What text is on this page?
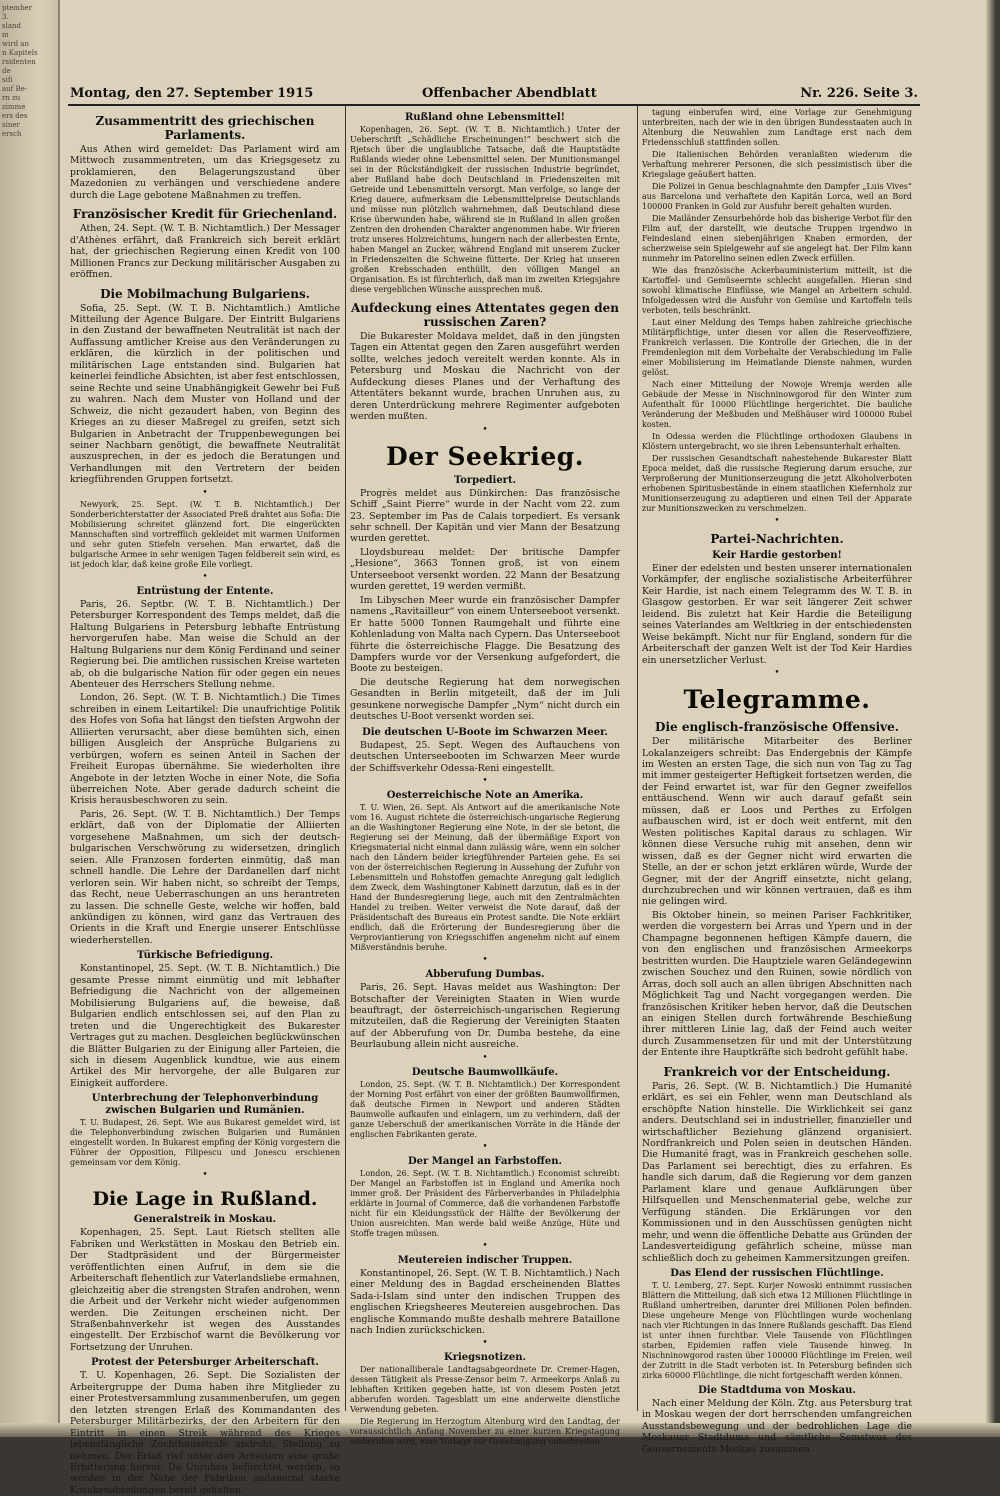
ptember
3.
sland
m
wird an
n Kapitels
rsidenten
de
sifi
auf Be-
rn zu
zimme
ers des
siner
ersch
Montag, den 27. September 1915	Offenbacher Abendblatt	Nr. 226. Seite 3.
Zusammentritt des griechischen Parlaments.

Aus Athen wird gemeldet: Das Parlament wird am Mittwoch zusammentreten, um das Kriegsgesetz zu proklamieren, den Belagerungszustand über Mazedonien zu verhängen und verschiedene andere durch die Lage gebotene Maßnahmen zu treffen.

Französischer Kredit für Griechenland.

Athen, 24. Sept. (W. T. B. Nichtamtlich.) Der Messager d'Athènes erfährt, daß Frankreich sich bereit erklärt hat, der griechischen Regierung einen Kredit von 100 Millionen Francs zur Deckung militärischer Ausgaben zu eröffnen.

Die Mobilmachung Bulgariens.

Sofia, 25. Sept. (W. T. B. Nichtamtlich.) Amtliche Mitteilung der Agence Bulgare. Der Eintritt Bulgariens in den Zustand der bewaffneten Neutralität ist nach der Auffassung amtlicher Kreise aus den Veränderungen zu erklären, die kürzlich in der politischen und militärischen Lage entstanden sind. Bulgarien hat keinerlei feindliche Absichten, ist aber fest entschlossen, seine Rechte und seine Unabhängigkeit Gewehr bei Fuß zu wahren. Nach dem Muster von Holland und der Schweiz, die nicht gezaudert haben, von Beginn des Krieges an zu dieser Maßregel zu greifen, setzt sich Bulgarien in Anbetracht der Truppenbewegungen bei seiner Nachbarn genötigt, die bewaffnete Neutralität auszusprechen, in der es jedoch die Beratungen und Verhandlungen mit den Vertretern der beiden kriegführenden Gruppen fortsetzt.

•

Newyork, 25. Sept. (W. T. B. Nichtamtlich.) Der Sonderberichterstatter der Associated Preß drahtet aus Sofia: Die Mobilisierung schreitet glänzend fort. Die eingerückten Mannschaften sind vortrefflich gekleidet mit warmen Uniformen und sehr guten Stiefeln versehen. Man erwartet, daß die bulgarische Armee in sehr wenigen Tagen feldbereit sein wird, es ist jedoch klar, daß keine große Eile vorliegt.

•
Entrüstung der Entente.

Paris, 26. Septbr. (W. T. B. Nichtamtlich.) Der Petersburger Korrespondent des Temps meldet, daß die Haltung Bulgariens in Petersburg lebhafte Entrüstung hervorgerufen habe. Man weise die Schuld an der Haltung Bulgariens nur dem König Ferdinand und seiner Regierung bei. Die amtlichen russischen Kreise warteten ab, ob die bulgarische Nation für oder gegen ein neues Abenteuer des Herrschers Stellung nehme.

London, 26. Sept. (W. T. B. Nichtamtlich.) Die Times schreiben in einem Leitartikel: Die unaufrichtige Politik des Hofes von Sofia hat längst den tiefsten Argwohn der Alliierten verursacht, aber diese bemühten sich, einen billigen Ausgleich der Ansprüche Bulgariens zu verbürgen, wofern es seinen Anteil in Sachen der Freiheit Europas übernähme. Sie wiederholten ihre Angebote in der letzten Woche in einer Note, die Sofia überreichen Note. Aber gerade dadurch scheint die Krisis herausbeschworen zu sein.

Paris, 26. Sept. (W. T. B. Nichtamtlich.) Der Temps erklärt, daß von der Diplomatie der Alliierten vorgesehene Maßnahmen, um sich der deutsch-bulgarischen Verschwörung zu widersetzen, dringlich seien. Alle Franzosen forderten einmütig, daß man schnell handle. Die Lehre der Dardanellen darf nicht verloren sein. Wir haben nicht, so schreibt der Temps, das Recht, neue Ueberraschungen an uns herantreten zu lassen. Die schnelle Geste, welche wir hoffen, bald ankündigen zu können, wird ganz das Vertrauen des Orients in die Kraft und Energie unserer Entschlüsse wiederherstellen.

Türkische Befriedigung.

Konstantinopel, 25. Sept. (W. T. B. Nichtamtlich.) Die gesamte Presse nimmt einmütig und mit lebhafter Befriedigung die Nachricht von der allgemeinen Mobilisierung Bulgariens auf, die beweise, daß Bulgarien endlich entschlossen sei, auf den Plan zu treten und die Ungerechtigkeit des Bukarester Vertrages gut zu machen. Desgleichen beglückwünschen die Blätter Bulgarien zu der Einigung aller Parteien, die sich in diesem Augenblick kundtue, wie aus einem Artikel des Mir hervorgehe, der alle Bulgaren zur Einigkeit auffordere.

Unterbrechung der Telephonverbindung zwischen Bulgarien und Rumänien.

T. U. Budapest, 26. Sept. Wie aus Bukarest gemeldet wird, ist die Telephonverbindung zwischen Bulgarien und Rumänien eingestellt worden. In Bukarest empfing der König vorgestern die Führer der Opposition, Filipescu und Jonescu erschienen gemeinsam vor dem König.

•
Die Lage in Rußland.
Generalstreik in Moskau.

Kopenhagen, 25. Sept. Laut Rietsch stellten alle Fabriken und Werkstätten in Moskau den Betrieb ein. Der Stadtpräsident und der Bürgermeister veröffentlichten einen Aufruf, in dem sie die Arbeiterschaft flehentlich zur Vaterlandsliebe ermahnen, gleichzeitig aber die strengsten Strafen androhen, wenn die Arbeit und der Verkehr nicht wieder aufgenommen werden. Die Zeitungen erscheinen nicht. Der Straßenbahnverkehr ist wegen des Ausstandes eingestellt. Der Erzbischof warnt die Bevölkerung vor Fortsetzung der Unruhen.

Protest der Petersburger Arbeiterschaft.

T. U. Kopenhagen, 26. Sept. Die Sozialisten der Arbeitergruppe der Duma haben ihre Mitglieder zu einer Protestversammlung zusammenberufen, um gegen den letzten strengen Erlaß des Kommandanten des Petersburger Militärbezirks, der den Arbeitern für den Eintritt in einen Streik während des Krieges lebenslängliche Zuchthausstrafe androht, Stellung zu nehmen. Der Erlaß rief unter den Arbeitern eine große Erbitterung hervor. Da Unruhen befürchtet werden, so werden in der Nähe der Fabriken andauernd starke Kosakenabteilungen bereit gehalten.

Rußland ohne Lebensmittel!

Kopenhagen, 26. Sept. (W. T. B. Nichtamtlich.) Unter der Ueberschrift „Schädliche Erscheinungen!“ beschwert sich die Rjetsch über die unglaubliche Tatsache, daß die Hauptstädte Rußlands wieder ohne Lebensmittel seien. Der Munitionsmangel sei in der Rückständigkeit der russischen Industrie begründet, aber Rußland habe doch Deutschland in Friedenszeiten mit Getreide und Lebensmitteln versorgt. Man verfolge, so lange der Krieg dauere, aufmerksam die Lebensmittelpreise Deutschlands und müsse nun plötzlich wahrnehmen, daß Deutschland diese Krise überwunden habe, während sie in Rußland in allen großen Zentren den drohenden Charakter angenommen habe. Wir frieren trotz unseres Holzreichtums, hungern nach der allerbesten Ernte, haben Mangel an Zucker, während England mit unserem Zucker in Friedenszeiten die Schweine fütterte. Der Krieg hat unseren großen Krebsschaden enthüllt, den völligen Mangel an Organisation. Es ist fürchterlich, daß man im zweiten Kriegsjahre diese vergeblichen Wünsche aussprechen muß.

Aufdeckung eines Attentates gegen den russischen Zaren?

Die Bukarester Moldava meldet, daß in den jüngsten Tagen ein Attentat gegen den Zaren ausgeführt werden sollte, welches jedoch vereitelt werden konnte. Als in Petersburg und Moskau die Nachricht von der Aufdeckung dieses Planes und der Verhaftung des Attentäters bekannt wurde, brachen Unruhen aus, zu deren Unterdrückung mehrere Regimenter aufgeboten werden mußten.

•
Der Seekrieg.
Torpediert.

Progrès meldet aus Dünkirchen: Das französische Schiff „Saint Pierre“ wurde in der Nacht vom 22. zum 23. September im Pas de Calais torpediert. Es versank sehr schnell. Der Kapitän und vier Mann der Besatzung wurden gerettet.

Lloydsbureau meldet: Der britische Dampfer „Hesione“, 3663 Tonnen groß, ist von einem Unterseeboot versenkt worden. 22 Mann der Besatzung wurden gerettet, 19 werden vermißt.

Im Libyschen Meer wurde ein französischer Dampfer namens „Ravitailleur“ von einem Unterseeboot versenkt. Er hatte 5000 Tonnen Raumgehalt und führte eine Kohlenladung von Malta nach Cypern. Das Unterseeboot führte die österreichische Flagge. Die Besatzung des Dampfers wurde vor der Versenkung aufgefordert, die Boote zu besteigen.

Die deutsche Regierung hat dem norwegischen Gesandten in Berlin mitgeteilt, daß der im Juli gesunkene norwegische Dampfer „Nym“ nicht durch ein deutsches U-Boot versenkt worden sei.

Die deutschen U-Boote im Schwarzen Meer.

Budapest, 25. Sept. Wegen des Auftauchens von deutschen Unterseebooten im Schwarzen Meer wurde der Schiffsverkehr Odessa-Reni eingestellt.

•
Oesterreichische Note an Amerika.

T. U. Wien, 26. Sept. Als Antwort auf die amerikanische Note vom 16. August richtete die österreichisch-ungarische Regierung an die Washingtoner Regierung eine Note, in der sie betont, die Regierung sei der Meinung, daß der übermäßige Export von Kriegsmaterial nicht einmal dann zulässig wäre, wenn ein solcher nach den Ländern beider kriegführender Parteien gehe. Es sei von der österreichischen Regierung in Aussehung der Zufuhr von Lebensmitteln und Rohstoffen gemachte Anregung galt lediglich dem Zweck, dem Washingtoner Kabinett darzutun, daß es in der Hand der Bundesregierung liege, auch mit den Zentralmächten Handel zu treiben. Weiter verweist die Note darauf, daß der Präsidentschaft des Bureaus ein Protest sandte. Die Note erklärt endlich, daß die Erörterung der Bundesregierung über die Verproviantierung von Kriegsschiffen angenehm nicht auf einem Mißverständnis beruhe.

•
Abberufung Dumbas.

Paris, 26. Sept. Havas meldet aus Washington: Der Botschafter der Vereinigten Staaten in Wien wurde beauftragt, der österreichisch-ungarischen Regierung mitzuteilen, daß die Regierung der Vereinigten Staaten auf der Abberufung von Dr. Dumba bestehe, da eine Beurlaubung allein nicht ausreiche.

•
Deutsche Baumwollkäufe.

London, 25. Sept. (W. T. B. Nichtamtlich.) Der Korrespondent der Morning Post erfährt von einer der größten Baumwollfirmen, daß deutsche Firmen in Newport und anderen Städten Baumwolle aufkaufen und einlagern, um zu verhindern, daß der ganze Ueberschuß der amerikanischen Vorräte in die Hände der englischen Fabrikanten gerate.

•
Der Mangel an Farbstoffen.

London, 26. Sept. (W. T. B. Nichtamtlich.) Economist schreibt: Der Mangel an Farbstoffen ist in England und Amerika noch immer groß. Der Präsident des Färberverbandes in Philadelphia erklärte in Journal of Commerce, daß die vorhandenen Farbstoffe nicht für ein Kleidungsstück der Hälfte der Bevölkerung der Union ausreichten. Man werde bald weiße Anzüge, Hüte und Stoffe tragen müssen.

•
Meutereien indischer Truppen.

Konstantinopel, 26. Sept. (W. T. B. Nichtamtlich.) Nach einer Meldung des in Bagdad erscheinenden Blattes Sada-i-Islam sind unter den indischen Truppen des englischen Kriegsheeres Meutereien ausgebrochen. Das englische Kommando mußte deshalb mehrere Bataillone nach Indien zurückschicken.

•
Kriegsnotizen.

Der nationalliberale Landtagsabgeordnete Dr. Cremer-Hagen, dessen Tätigkeit als Presse-Zensor beim 7. Armeekorps Anlaß zu lebhaften Kritiken gegeben hatte, ist von diesem Posten jetzt abberufen worden. Tagesblatt um eine anderweite dienstliche Verwendung gebeten.

Die Regierung im Herzogtum Altenburg wird den Landtag, der voraussichtlich Anfang November zu einer kurzen Kriegstagung einberufen wird, eine Vorlage zur Genehmigung unterbreiten.

tagung einberufen wird, eine Vorlage zur Genehmigung unterbreiten, nach der wie in den übrigen Bundesstaaten auch in Altenburg die Neuwahlen zum Landtage erst nach dem Friedensschluß stattfinden sollen.

Die italienischen Behörden veranlaßten wiederum die Verhaftung mehrerer Personen, die sich pessimistisch über die Kriegslage geäußert hatten.

Die Polizei in Genua beschlagnahmte den Dampfer „Luis Vives“ aus Barcelona und verhaftete den Kapitän Lorca, weil an Bord 100000 Franken in Gold zur Ausfuhr bereit gehalten wurden.

Die Mailänder Zensurbehörde hob das bisherige Verbot für den Film auf, der darstellt, wie deutsche Truppen irgendwo in Feindesland einen siebenjährigen Knaben ermorden, der scherzweise sein Spielgewehr auf sie angelegt hat. Der Film kann nunmehr im Patorelino seinen edlen Zweck erfüllen.

Wie das französische Ackerbauministerium mitteilt, ist die Kartoffel- und Gemüseernte schlecht ausgefallen. Hieran sind sowohl klimatische Einflüsse, wie Mangel an Arbeitern schuld. Infolgedessen wird die Ausfuhr von Gemüse und Kartoffeln teils verboten, teils beschränkt.

Laut einer Meldung des Temps haben zahlreiche griechische Militärpflichtige, unter diesen vor allen die Reserveoffiziere, Frankreich verlassen. Die Kontrolle der Griechen, die in der Fremdenlegion mit dem Vorbehalte der Verabschiedung im Falle einer Mobilisierung im Heimatlande Dienste nahmen, wurden gelöst.

Nach einer Mitteilung der Nowoje Wremja werden alle Gebäude der Messe in Nischninowgorod für den Winter zum Aufenthalt für 10000 Flüchtlinge hergerichtet. Die bauliche Veränderung der Meßbuden und Meßhäuser wird 100000 Rubel kosten.

In Odessa werden die Flüchtlinge orthodoxen Glaubens in Klöstern untergebracht, wo sie ihren Lebensunterhalt erhalten.

Der russischen Gesandtschaft nahestehende Bukarester Blatt Epoca meldet, daß die russische Regierung darum ersuche, zur Verproßerung der Munitionserzeugung die jetzt Alkoholverboten erhobenen Spiritusbestände in einem staatlichen Kiefernholz zur Munitionserzeugung zu adaptieren und einen Teil der Apparate zur Munitionszwecken zu verschmelzen.

•
Partei-Nachrichten.
Keir Hardie gestorben!

Einer der edelsten und besten unserer internationalen Vorkämpfer, der englische sozialistische Arbeiterführer Keir Hardie, ist nach einem Telegramm des W. T. B. in Glasgow gestorben. Er war seit längerer Zeit schwer leidend. Bis zuletzt hat Keir Hardie die Beteiligung seines Vaterlandes am Weltkrieg in der entschiedensten Weise bekämpft. Nicht nur für England, sondern für die Arbeiterschaft der ganzen Welt ist der Tod Keir Hardies ein unersetzlicher Verlust.

•
Telegramme.
Die englisch-französische Offensive.

Der militärische Mitarbeiter des Berliner Lokalanzeigers schreibt: Das Endergebnis der Kämpfe im Westen an ersten Tage, die sich nun von Tag zu Tag mit immer gesteigerter Heftigkeit fortsetzen werden, die der Feind erwartet ist, war für den Gegner zweifellos enttäuschend. Wenn wir auch darauf gefaßt sein müssen, daß er Loos und Perthes zu Erfolgen aufbauschen wird, ist er doch weit entfernt, mit den Westen politisches Kapital daraus zu schlagen. Wir können diese Versuche ruhig mit ansehen, denn wir wissen, daß es der Gegner nicht wird erwarten die Stelle, an der er schon jetzt erklären würde, Wurde der Gegner, mit der der Angriff einsetzte, nicht gelang, durchzubrechen und wir können vertrauen, daß es ihm nie gelingen wird.

Bis Oktober hinein, so meinen Pariser Fachkritiker, werden die vorgestern bei Arras und Ypern und in der Champagne begonnenen heftigen Kämpfe dauern, die von den englischen und französischen Armeekorps bestritten wurden. Die Hauptziele waren Geländegewinn zwischen Souchez und den Ruinen, sowie nördlich von Arras, doch soll auch an allen übrigen Abschnitten nach Möglichkeit Tag und Nacht vorgegangen werden. Die französischen Kritiker heben hervor, daß die Deutschen an einigen Stellen durch fortwährende Beschießung ihrer mittleren Linie lag, daß der Feind auch weiter durch Zusammensetzen für und mit der Unterstützung der Entente ihre Hauptkräfte sich bedroht gefühlt habe.

Frankreich vor der Entscheidung.

Paris, 26. Sept. (W. B. Nichtamtlich.) Die Humanité erklärt, es sei ein Fehler, wenn man Deutschland als erschöpfte Nation hinstelle. Die Wirklichkeit sei ganz anders. Deutschland sei in industrieller, finanzieller und wirtschaftlicher Beziehung glänzend organisiert. Nordfrankreich und Polen seien in deutschen Händen. Die Humanité fragt, was in Frankreich geschehen solle. Das Parlament sei berechtigt, dies zu erfahren. Es handle sich darum, daß die Regierung vor dem ganzen Parlament klare und genaue Aufklärungen über Hilfsquellen und Menschenmaterial gebe, welche zur Verfügung ständen. Die Erklärungen vor den Kommissionen und in den Ausschüssen genügten nicht mehr, und wenn die öffentliche Debatte aus Gründen der Landesverteidigung gefährlich scheine, müsse man schließlich doch zu geheimen Kammersitzungen greifen.

Das Elend der russischen Flüchtlinge.

T. U. Lemberg, 27. Sept. Kurjer Nowoski entnimmt russischen Blättern die Mitteilung, daß sich etwa 12 Millionen Flüchtlinge in Rußland umhertreiben, darunter drei Millionen Polen befinden. Diese ungeheure Menge von Flüchtlingen wurde wochenlang nach vier Richtungen in das Innere Rußlands geschafft. Das Elend ist unter ihnen furchtbar. Viele Tausende von Flüchtlingen starben, Epidemien raffen viele Tausende hinweg. In Nischninowgorod rasten über 100000 Flüchtlinge im Freien, weil der Zutritt in die Stadt verboten ist. In Petersburg befinden sich zirka 60000 Flüchtlinge, die nicht fortgeschafft werden können.

Die Stadtduma von Moskau.

Nach einer Meldung der Köln. Ztg. aus Petersburg trat in Moskau wegen der dort herrschenden umfangreichen Ausstandsbewegung und der bedrohlichen Lage die Moskauer Stadtduma und sämtliche Semstwos des Gouvernements Moskau zusammen.
